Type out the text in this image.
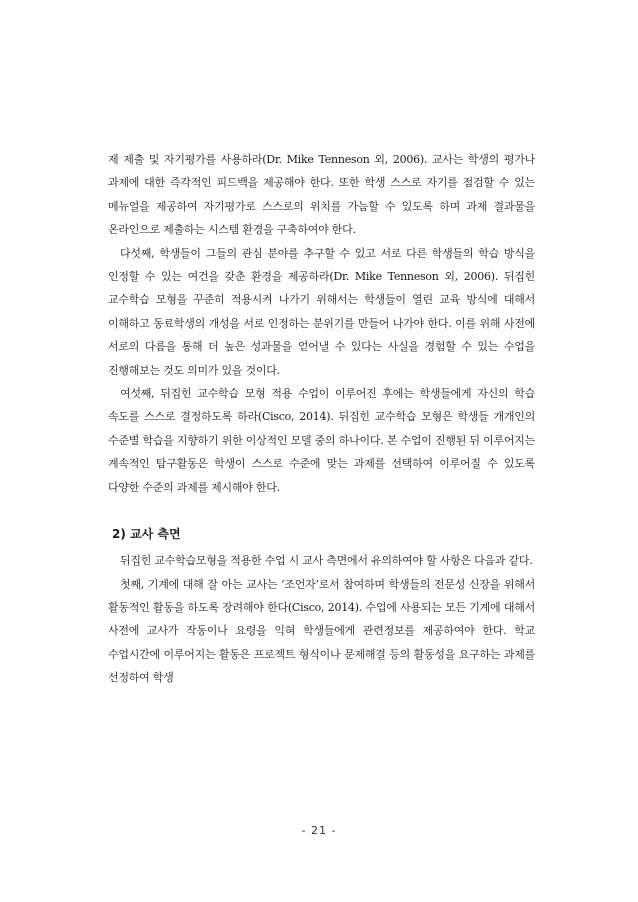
제 제출 및 자기평가를 사용하라(Dr. Mike Tenneson 외, 2006). 교사는 학생의 평가나 과제에 대한 즉각적인 피드백을 제공해야 한다. 또한 학생 스스로 자기를 점검할 수 있는 메뉴얼을 제공하여 자기평가로 스스로의 위치를 가늠할 수 있도록 하며 과제 결과물을 온라인으로 제출하는 시스템 환경을 구축하여야 한다.

다섯째, 학생들이 그들의 관심 분야를 추구할 수 있고 서로 다른 학생들의 학습 방식을 인정할 수 있는 여건을 갖춘 환경을 제공하라(Dr. Mike Tenneson 외, 2006). 뒤집힌 교수학습 모형을 꾸준히 적용시켜 나가기 위해서는 학생들이 열린 교육 방식에 대해서 이해하고 동료학생의 개성을 서로 인정하는 분위기를 만들어 나가야 한다. 이를 위해 사전에 서로의 다름을 통해 더 높은 성과물을 얻어낼 수 있다는 사실을 경험할 수 있는 수업을 진행해보는 것도 의미가 있을 것이다.

여섯째, 뒤집힌 교수학습 모형 적용 수업이 이루어진 후에는 학생들에게 자신의 학습 속도를 스스로 결정하도록 하라(Cisco, 2014). 뒤집힌 교수학습 모형은 학생들 개개인의 수준별 학습을 지향하기 위한 이상적인 모델 중의 하나이다. 본 수업이 진행된 뒤 이루어지는 계속적인 탐구활동은 학생이 스스로 수준에 맞는 과제를 선택하여 이루어질 수 있도록 다양한 수준의 과제를 제시해야 한다.

2) 교사 측면

뒤집힌 교수학습모형을 적용한 수업 시 교사 측면에서 유의하여야 할 사항은 다음과 같다.

첫째, 기계에 대해 잘 아는 교사는 ‘조언자’로서 참여하며 학생들의 전문성 신장을 위해서 활동적인 활동을 하도록 장려해야 한다(Cisco, 2014). 수업에 사용되는 모든 기계에 대해서 사전에 교사가 작동이나 요령을 익혀 학생들에게 관련정보를 제공하여야 한다. 학교 수업시간에 이루어지는 활동은 프로젝트 형식이나 문제해결 등의 활동성을 요구하는 과제를 선정하여 학생

- 21 -
